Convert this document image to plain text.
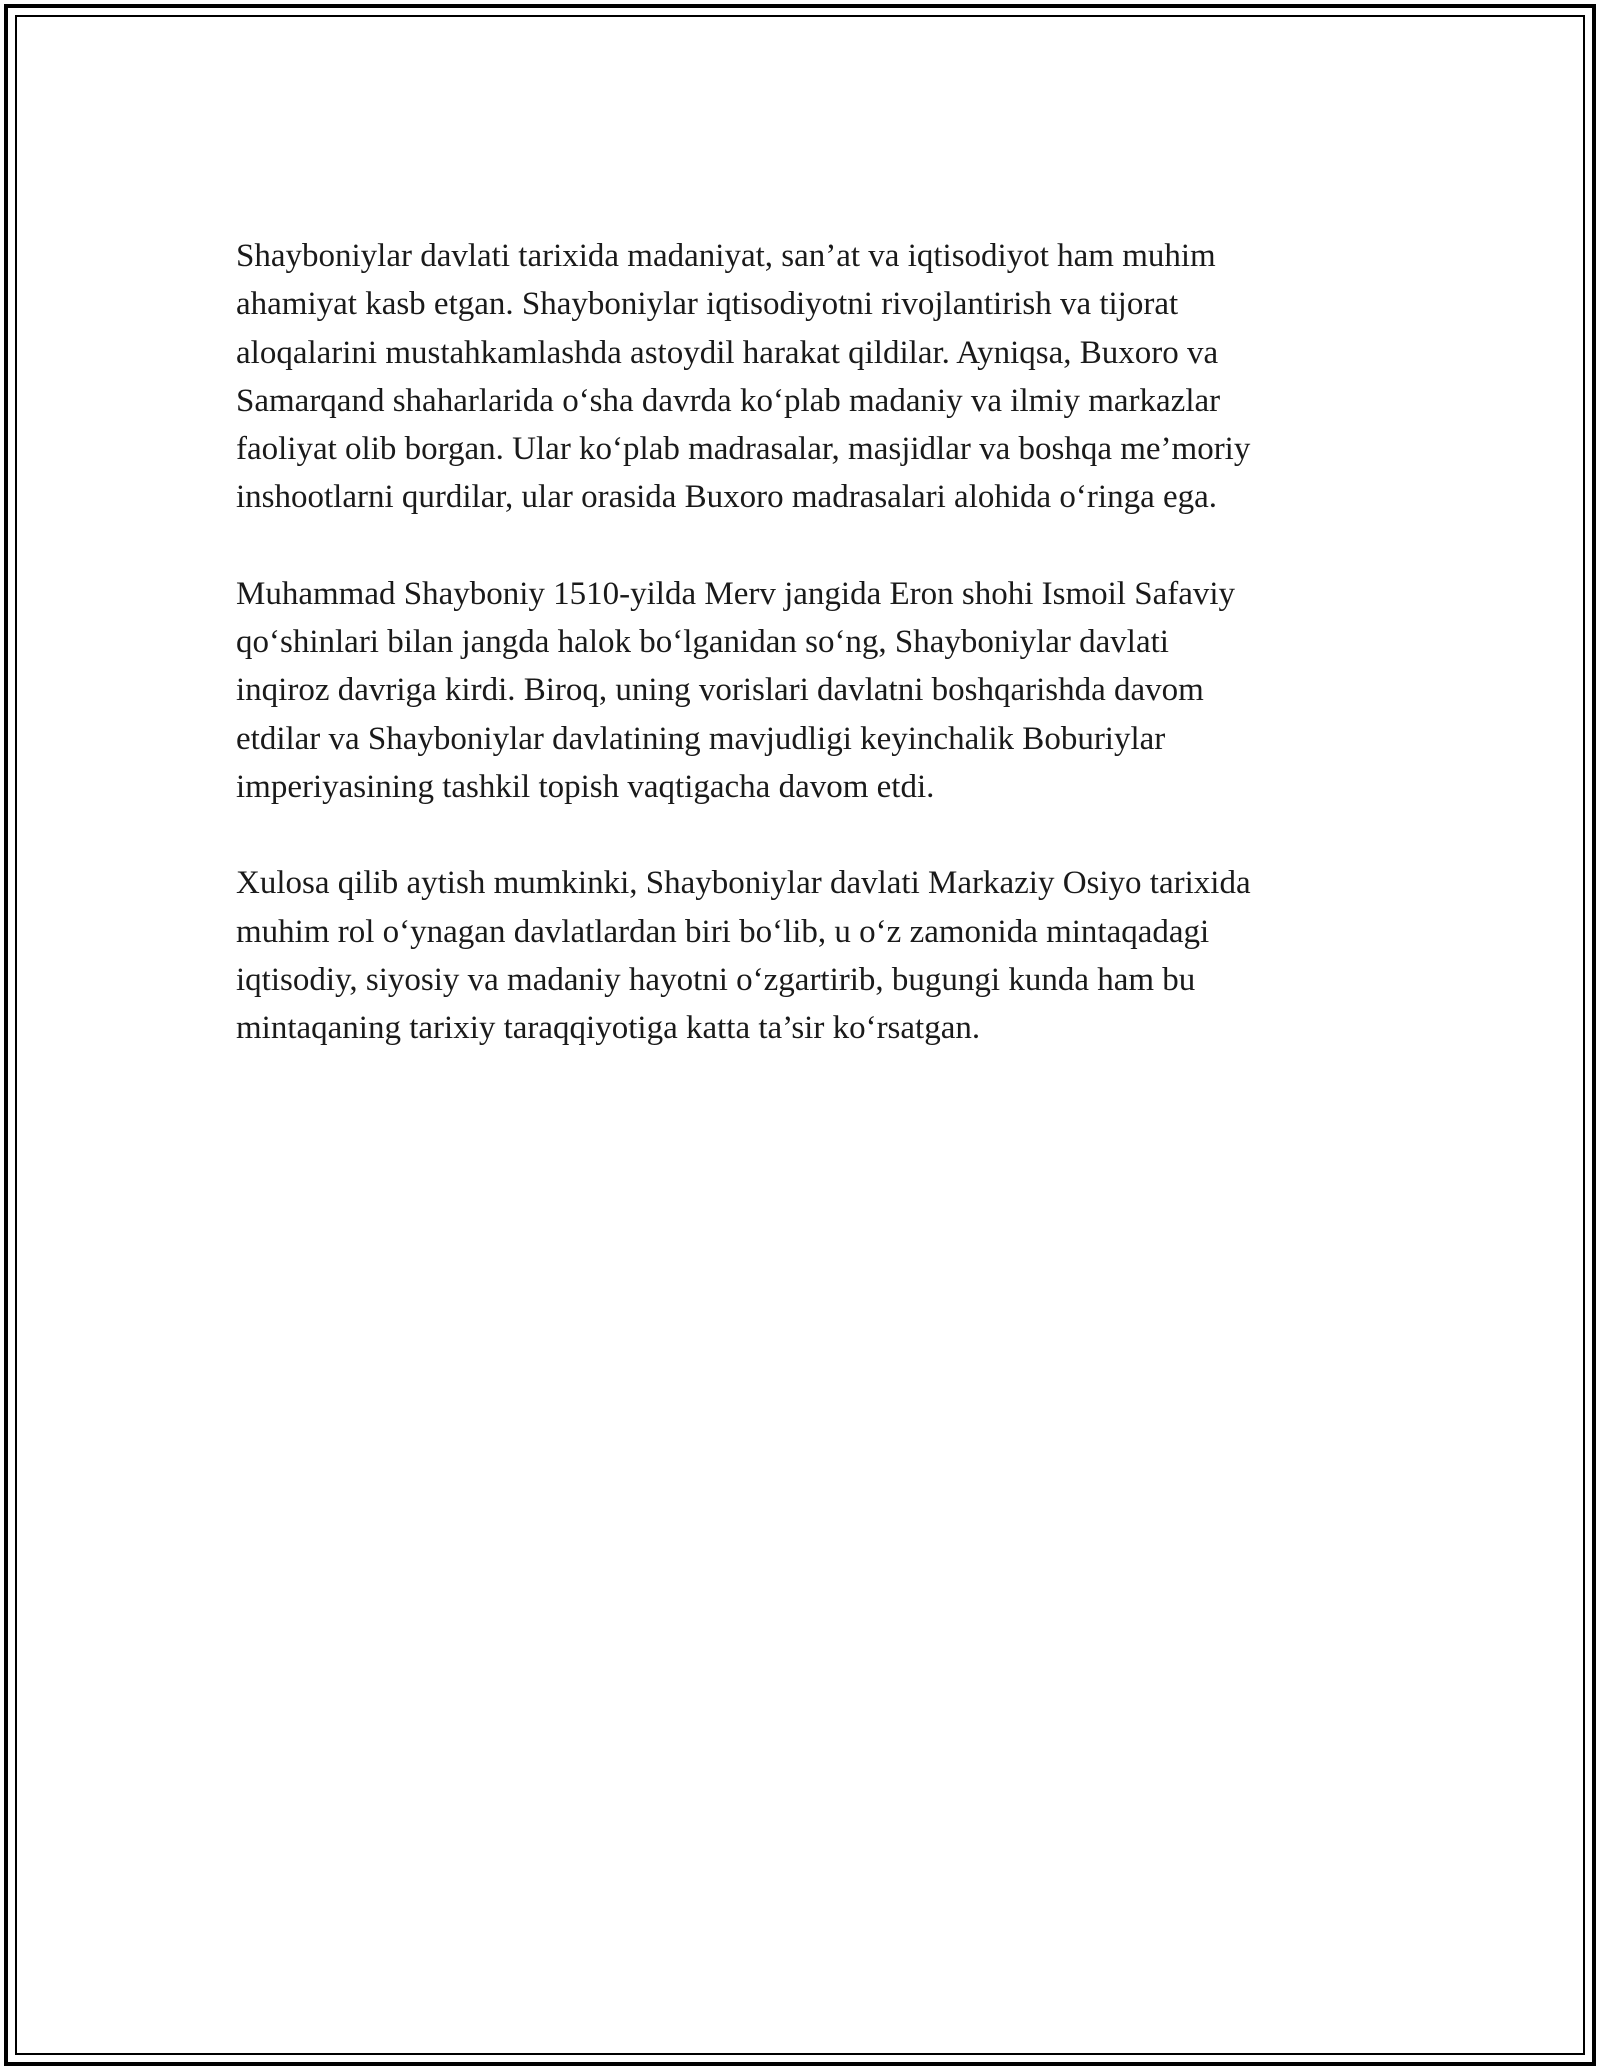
Shayboniylar davlati tarixida madaniyat, san’at va iqtisodiyot ham muhim
ahamiyat kasb etgan. Shayboniylar iqtisodiyotni rivojlantirish va tijorat
aloqalarini mustahkamlashda astoydil harakat qildilar. Ayniqsa, Buxoro va
Samarqand shaharlarida o‘sha davrda ko‘plab madaniy va ilmiy markazlar
faoliyat olib borgan. Ular ko‘plab madrasalar, masjidlar va boshqa me’moriy
inshootlarni qurdilar, ular orasida Buxoro madrasalari alohida o‘ringa ega.

Muhammad Shayboniy 1510-yilda Merv jangida Eron shohi Ismoil Safaviy
qo‘shinlari bilan jangda halok bo‘lganidan so‘ng, Shayboniylar davlati
inqiroz davriga kirdi. Biroq, uning vorislari davlatni boshqarishda davom
etdilar va Shayboniylar davlatining mavjudligi keyinchalik Boburiylar
imperiyasining tashkil topish vaqtigacha davom etdi.

Xulosa qilib aytish mumkinki, Shayboniylar davlati Markaziy Osiyo tarixida
muhim rol o‘ynagan davlatlardan biri bo‘lib, u o‘z zamonida mintaqadagi
iqtisodiy, siyosiy va madaniy hayotni o‘zgartirib, bugungi kunda ham bu
mintaqaning tarixiy taraqqiyotiga katta ta’sir ko‘rsatgan.
